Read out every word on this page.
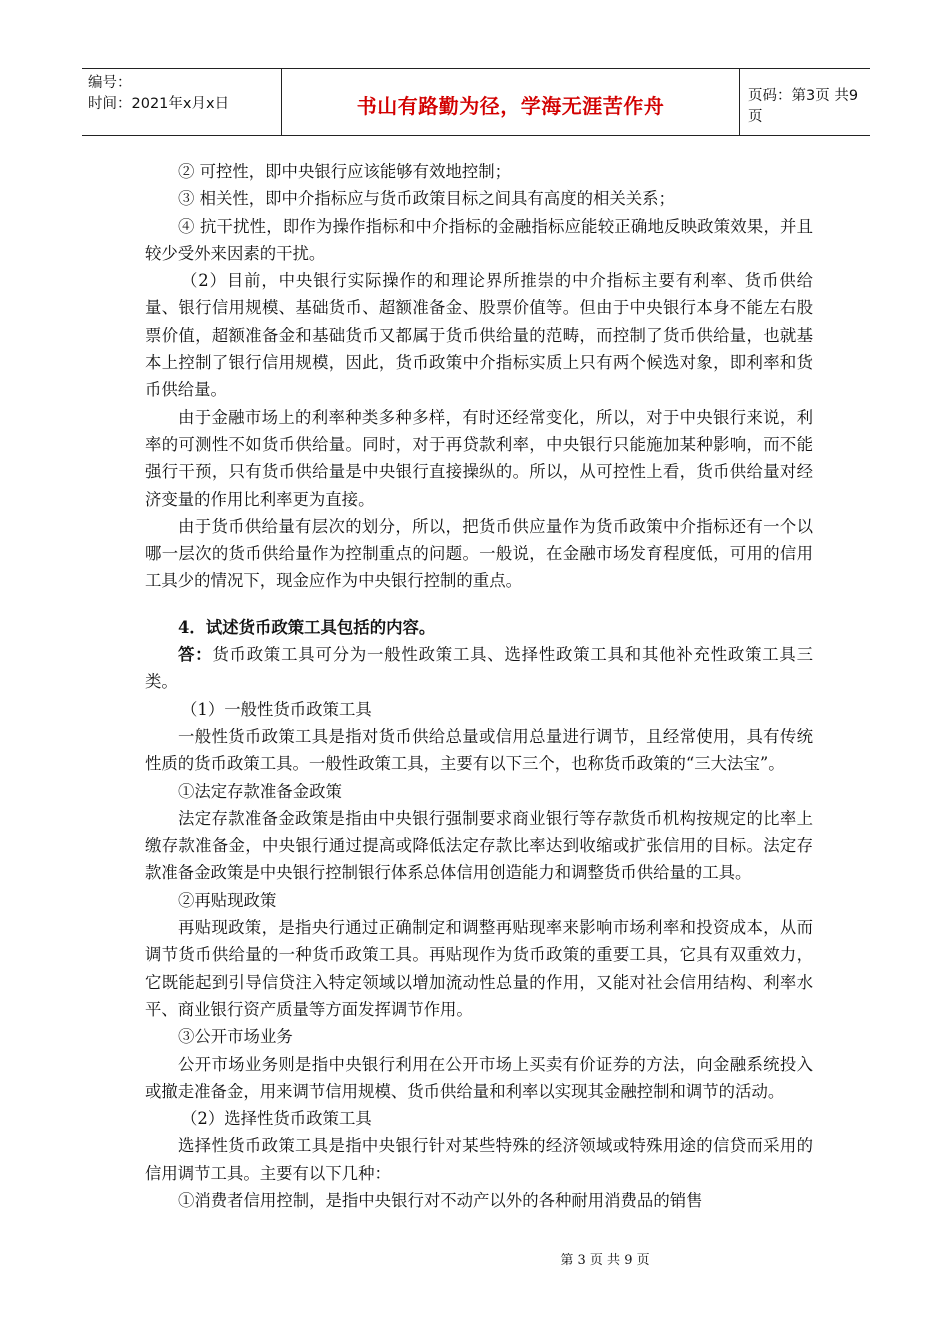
编号：
时间：2021年x月x日	书山有路勤为径，学海无涯苦作舟	页码：第3页 共9页

② 可控性，即中央银行应该能够有效地控制；

③ 相关性，即中介指标应与货币政策目标之间具有高度的相关关系；

④ 抗干扰性，即作为操作指标和中介指标的金融指标应能较正确地反映政策效果，并且较少受外来因素的干扰。

（2）目前，中央银行实际操作的和理论界所推崇的中介指标主要有利率、货币供给量、银行信用规模、基础货币、超额准备金、股票价值等。但由于中央银行本身不能左右股票价值，超额准备金和基础货币又都属于货币供给量的范畴，而控制了货币供给量，也就基本上控制了银行信用规模，因此，货币政策中介指标实质上只有两个候选对象，即利率和货币供给量。

由于金融市场上的利率种类多种多样，有时还经常变化，所以，对于中央银行来说，利率的可测性不如货币供给量。同时，对于再贷款利率，中央银行只能施加某种影响，而不能强行干预，只有货币供给量是中央银行直接操纵的。所以，从可控性上看，货币供给量对经济变量的作用比利率更为直接。

由于货币供给量有层次的划分，所以，把货币供应量作为货币政策中介指标还有一个以哪一层次的货币供给量作为控制重点的问题。一般说，在金融市场发育程度低，可用的信用工具少的情况下，现金应作为中央银行控制的重点。

4．试述货币政策工具包括的内容。

答：货币政策工具可分为一般性政策工具、选择性政策工具和其他补充性政策工具三类。

（1）一般性货币政策工具

一般性货币政策工具是指对货币供给总量或信用总量进行调节，且经常使用，具有传统性质的货币政策工具。一般性政策工具，主要有以下三个，也称货币政策的“三大法宝”。

①法定存款准备金政策

法定存款准备金政策是指由中央银行强制要求商业银行等存款货币机构按规定的比率上缴存款准备金，中央银行通过提高或降低法定存款比率达到收缩或扩张信用的目标。法定存款准备金政策是中央银行控制银行体系总体信用创造能力和调整货币供给量的工具。

②再贴现政策

再贴现政策，是指央行通过正确制定和调整再贴现率来影响市场利率和投资成本，从而调节货币供给量的一种货币政策工具。再贴现作为货币政策的重要工具，它具有双重效力，它既能起到引导信贷注入特定领域以增加流动性总量的作用，又能对社会信用结构、利率水平、商业银行资产质量等方面发挥调节作用。

③公开市场业务

公开市场业务则是指中央银行利用在公开市场上买卖有价证券的方法，向金融系统投入或撤走准备金，用来调节信用规模、货币供给量和利率以实现其金融控制和调节的活动。

（2）选择性货币政策工具

选择性货币政策工具是指中央银行针对某些特殊的经济领域或特殊用途的信贷而采用的信用调节工具。主要有以下几种：

①消费者信用控制，是指中央银行对不动产以外的各种耐用消费品的销售

第 3 页 共 9 页
